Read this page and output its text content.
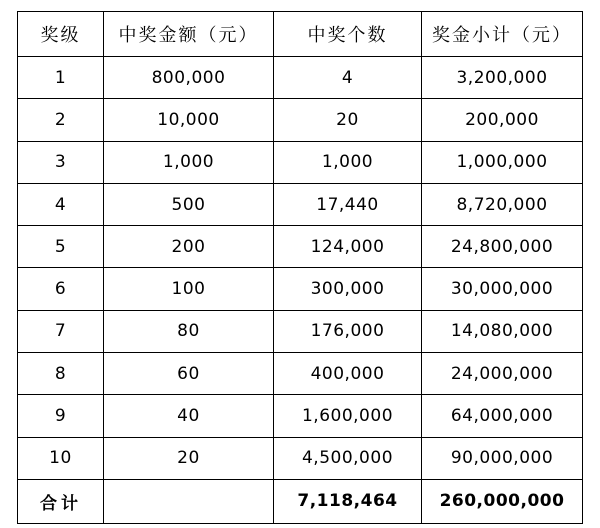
奖级	中奖金额（元）	中奖个数	奖金小计（元）
1	800,000	4	3,200,000
2	10,000	20	200,000
3	1,000	1,000	1,000,000
4	500	17,440	8,720,000
5	200	124,000	24,800,000
6	100	300,000	30,000,000
7	80	176,000	14,080,000
8	60	400,000	24,000,000
9	40	1,600,000	64,000,000
10	20	4,500,000	90,000,000
合计		7,118,464	260,000,000
